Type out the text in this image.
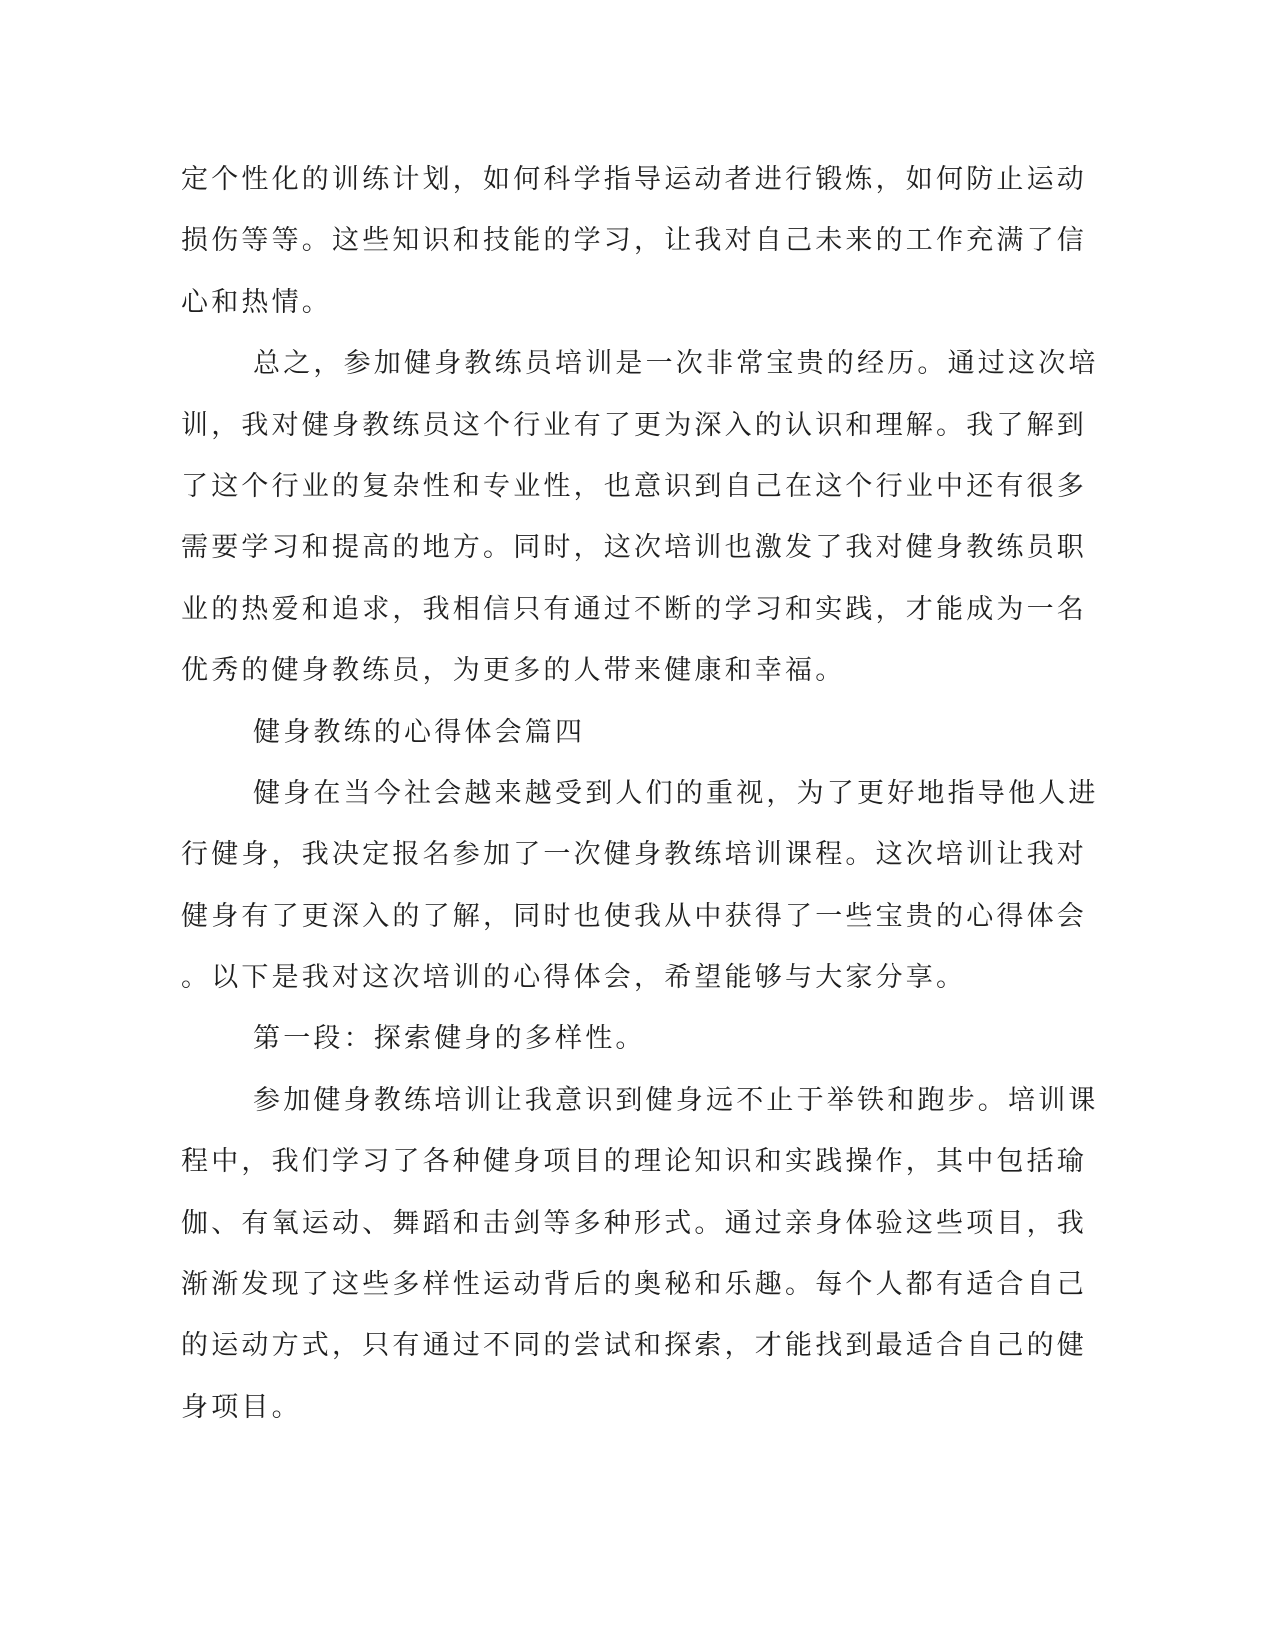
定个性化的训练计划，如何科学指导运动者进行锻炼，如何防止运动
损伤等等。这些知识和技能的学习，让我对自己未来的工作充满了信
心和热情。
总之，参加健身教练员培训是一次非常宝贵的经历。通过这次培
训，我对健身教练员这个行业有了更为深入的认识和理解。我了解到
了这个行业的复杂性和专业性，也意识到自己在这个行业中还有很多
需要学习和提高的地方。同时，这次培训也激发了我对健身教练员职
业的热爱和追求，我相信只有通过不断的学习和实践，才能成为一名
优秀的健身教练员，为更多的人带来健康和幸福。
健身教练的心得体会篇四
健身在当今社会越来越受到人们的重视，为了更好地指导他人进
行健身，我决定报名参加了一次健身教练培训课程。这次培训让我对
健身有了更深入的了解，同时也使我从中获得了一些宝贵的心得体会
。以下是我对这次培训的心得体会，希望能够与大家分享。
第一段：探索健身的多样性。
参加健身教练培训让我意识到健身远不止于举铁和跑步。培训课
程中，我们学习了各种健身项目的理论知识和实践操作，其中包括瑜
伽、有氧运动、舞蹈和击剑等多种形式。通过亲身体验这些项目，我
渐渐发现了这些多样性运动背后的奥秘和乐趣。每个人都有适合自己
的运动方式，只有通过不同的尝试和探索，才能找到最适合自己的健
身项目。
